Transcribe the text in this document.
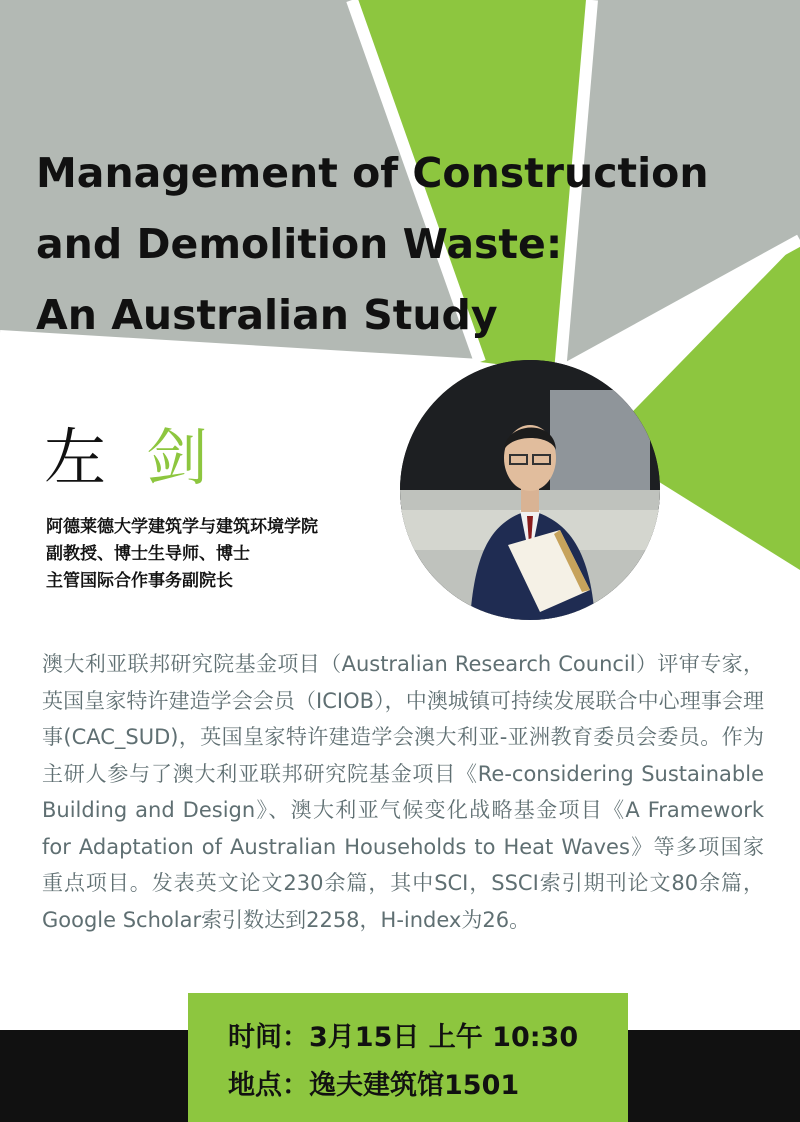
Management of Construction
and Demolition Waste:
An Australian Study
左 剑
阿德莱德大学建筑学与建筑环境学院
副教授、博士生导师、博士
主管国际合作事务副院长

澳大利亚联邦研究院基金项目（Australian Research Council）评审专家，英国皇家特许建造学会会员（ICIOB），中澳城镇可持续发展联合中心理事会理事(CAC_SUD)，英国皇家特许建造学会澳大利亚-亚洲教育委员会委员。作为主研人参与了澳大利亚联邦研究院基金项目《Re-considering Sustainable Building and Design》、澳大利亚气候变化战略基金项目《A Framework for Adaptation of Australian Households to Heat Waves》等多项国家重点项目。发表英文论文230余篇，其中SCI，SSCI索引期刊论文80余篇，Google Scholar索引数达到2258，H-index为26。

时间：3月15日 上午 10:30
地点：逸夫建筑馆1501
